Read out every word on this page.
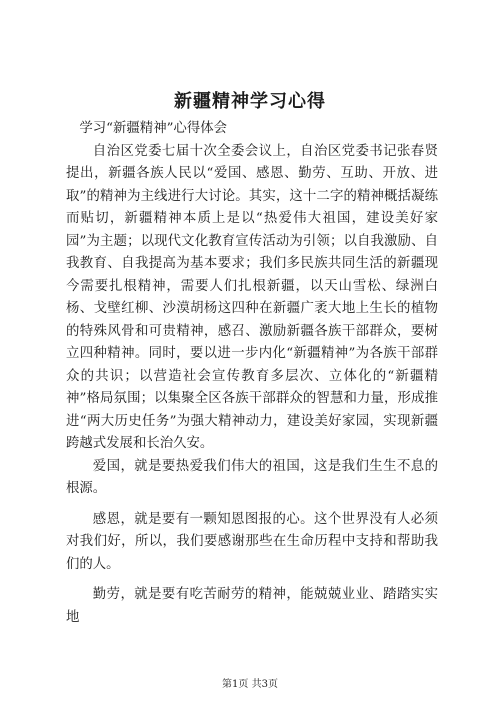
新疆精神学习心得

学习“新疆精神”心得体会

自治区党委七届十次全委会议上，自治区党委书记张春贤提出，新疆各族人民以“爱国、感恩、勤劳、互助、开放、进取”的精神为主线进行大讨论。其实，这十二字的精神概括凝练而贴切，新疆精神本质上是以“热爱伟大祖国，建设美好家园”为主题；以现代文化教育宣传活动为引领；以自我激励、自我教育、自我提高为基本要求；我们多民族共同生活的新疆现今需要扎根精神，需要人们扎根新疆，以天山雪松、绿洲白杨、戈壁红柳、沙漠胡杨这四种在新疆广袤大地上生长的植物的特殊风骨和可贵精神，感召、激励新疆各族干部群众，要树立四种精神。同时，要以进一步内化“新疆精神”为各族干部群众的共识；以营造社会宣传教育多层次、立体化的“新疆精神”格局氛围；以集聚全区各族干部群众的智慧和力量，形成推进“两大历史任务”为强大精神动力，建设美好家园，实现新疆跨越式发展和长治久安。

爱国，就是要热爱我们伟大的祖国，这是我们生生不息的根源。

感恩，就是要有一颗知恩图报的心。这个世界没有人必须对我们好，所以，我们要感谢那些在生命历程中支持和帮助我们的人。

勤劳，就是要有吃苦耐劳的精神，能兢兢业业、踏踏实实地

第1页 共3页
